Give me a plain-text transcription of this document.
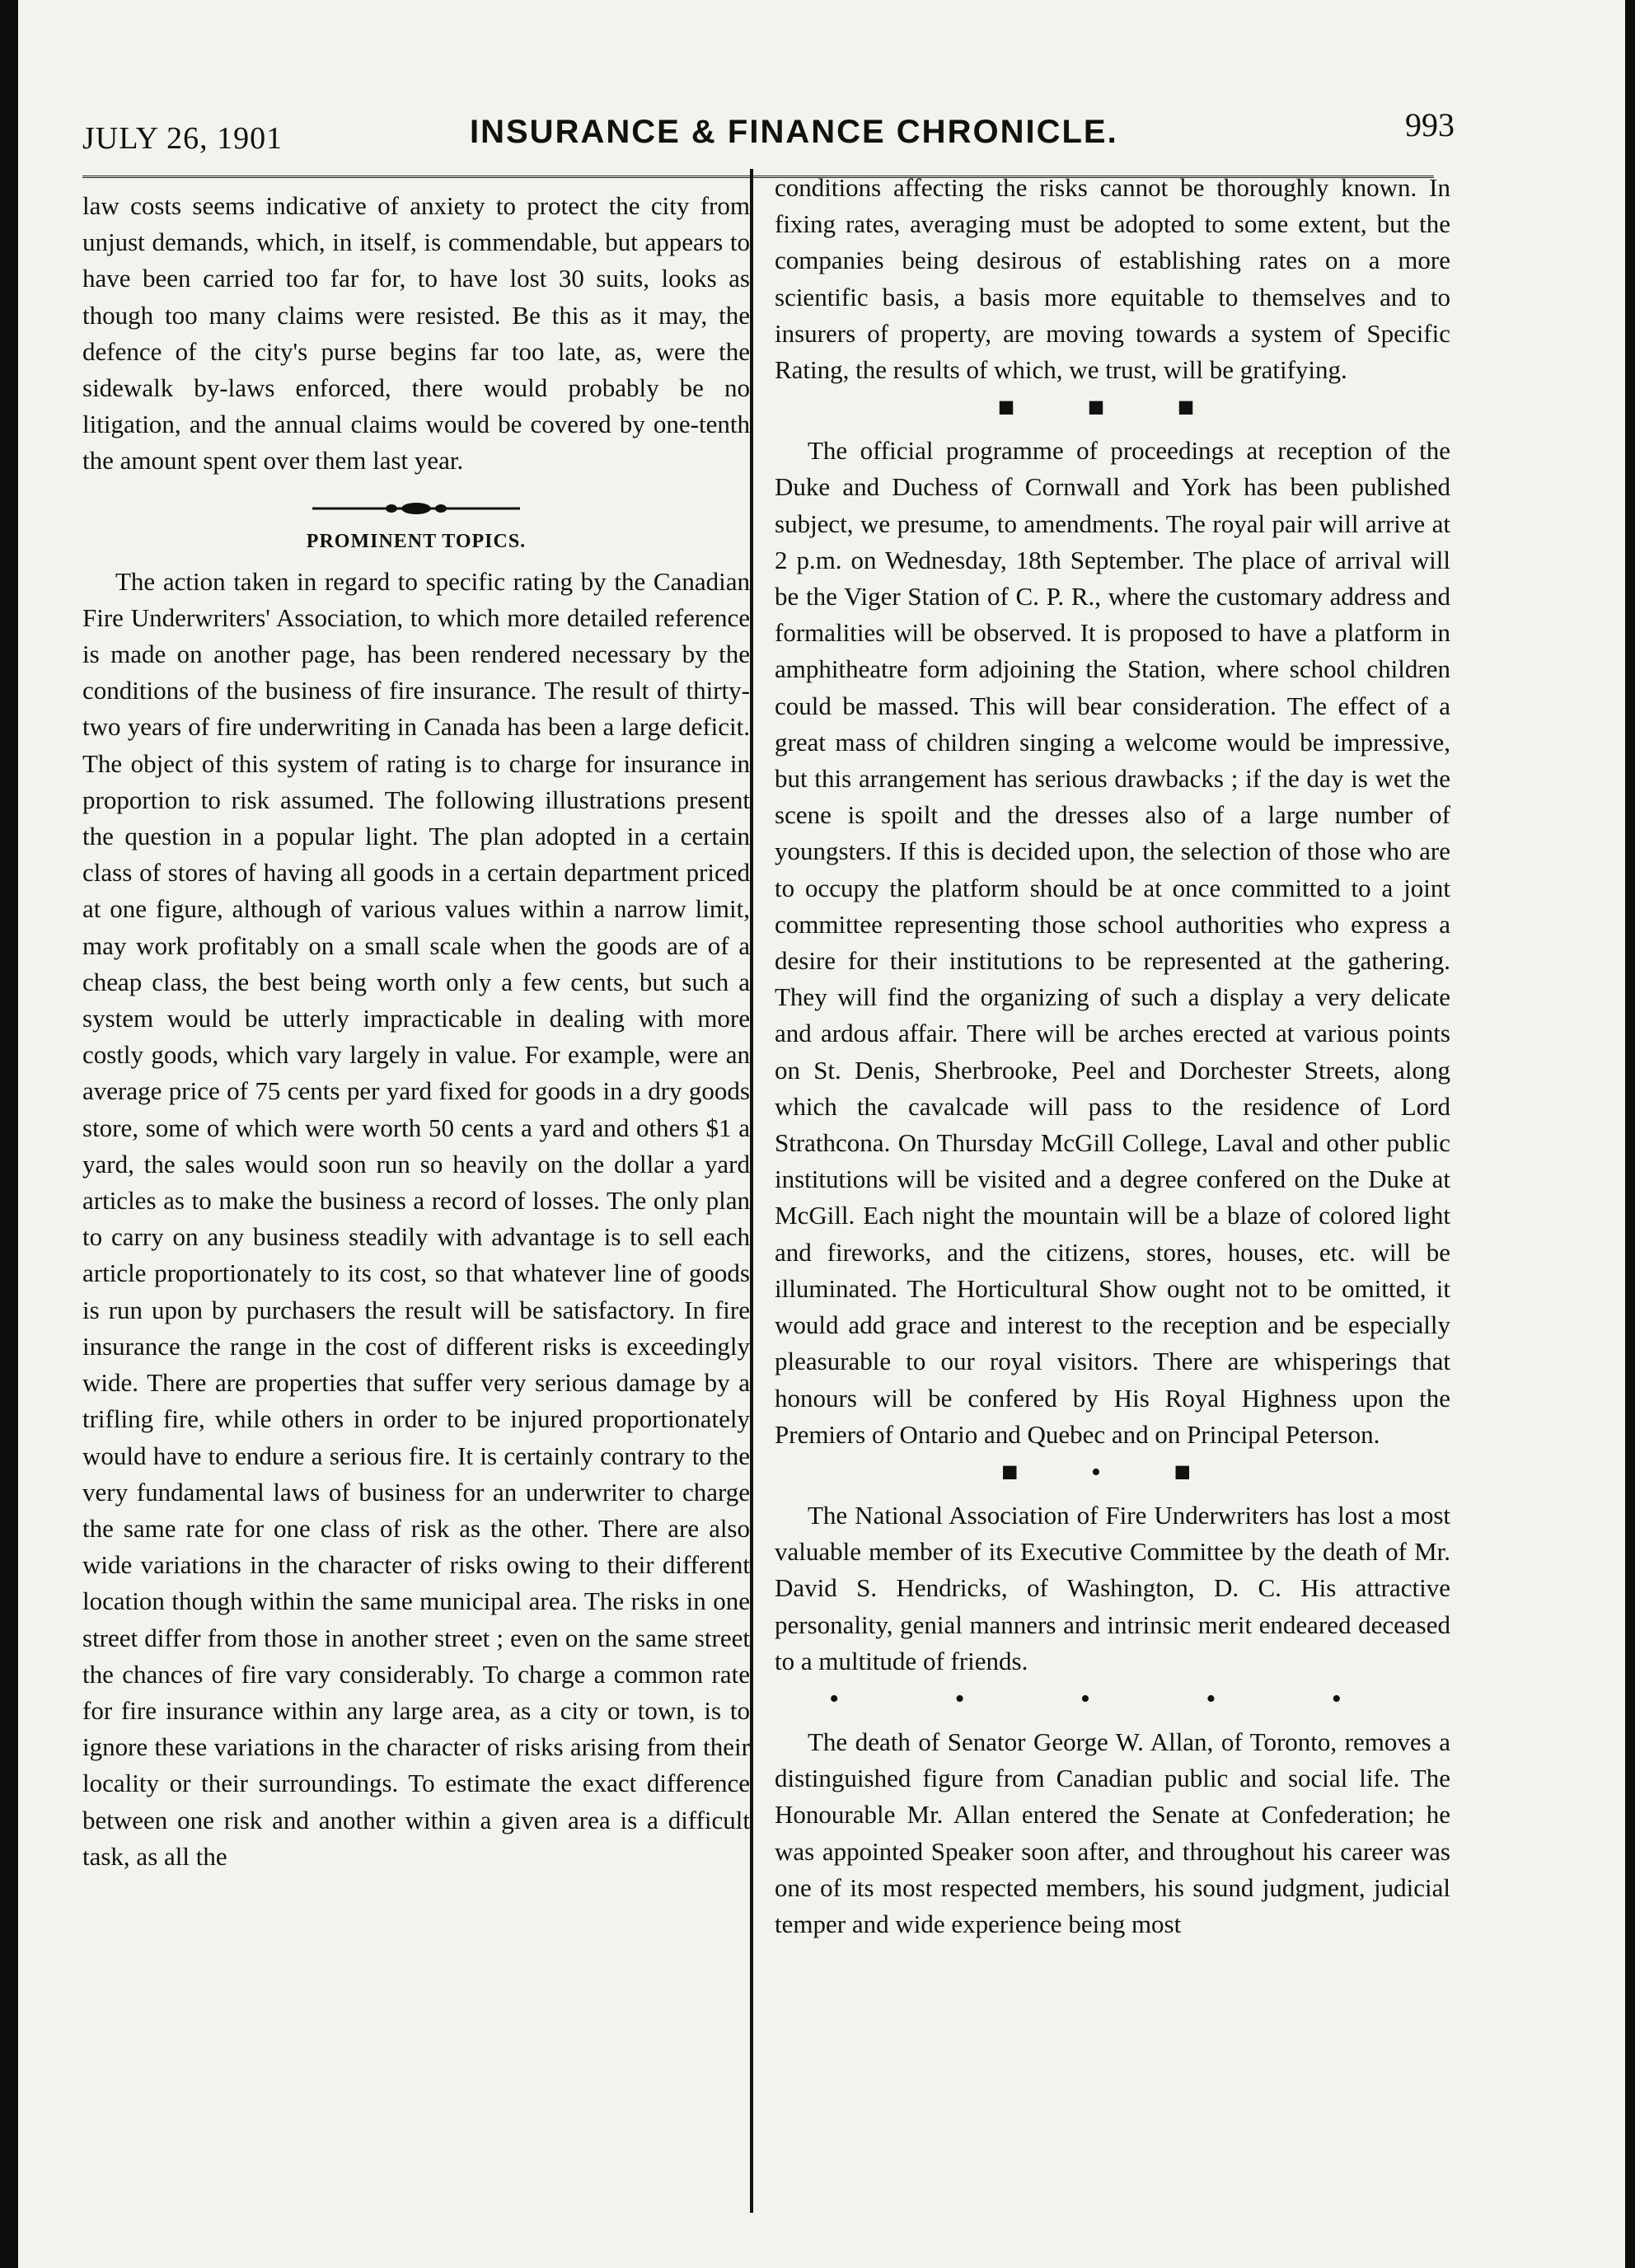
JULY 26, 1901	INSURANCE & FINANCE CHRONICLE.	993

law costs seems indicative of anxiety to protect the city from unjust demands, which, in itself, is commendable, but appears to have been carried too far for, to have lost 30 suits, looks as though too many claims were resisted. Be this as it may, the defence of the city's purse begins far too late, as, were the sidewalk by-laws enforced, there would probably be no litigation, and the annual claims would be covered by one-tenth the amount spent over them last year.

PROMINENT TOPICS.

The action taken in regard to specific rating by the Canadian Fire Underwriters' Association, to which more detailed reference is made on another page, has been rendered necessary by the conditions of the business of fire insurance. The result of thirty-two years of fire underwriting in Canada has been a large deficit. The object of this system of rating is to charge for insurance in proportion to risk assumed. The following illustrations present the question in a popular light. The plan adopted in a certain class of stores of having all goods in a certain department priced at one figure, although of various values within a narrow limit, may work profitably on a small scale when the goods are of a cheap class, the best being worth only a few cents, but such a system would be utterly impracticable in dealing with more costly goods, which vary largely in value. For example, were an average price of 75 cents per yard fixed for goods in a dry goods store, some of which were worth 50 cents a yard and others $1 a yard, the sales would soon run so heavily on the dollar a yard articles as to make the business a record of losses. The only plan to carry on any business steadily with advantage is to sell each article proportionately to its cost, so that whatever line of goods is run upon by purchasers the result will be satisfactory. In fire insurance the range in the cost of different risks is exceedingly wide. There are properties that suffer very serious damage by a trifling fire, while others in order to be injured proportionately would have to endure a serious fire. It is certainly contrary to the very fundamental laws of business for an underwriter to charge the same rate for one class of risk as the other. There are also wide variations in the character of risks owing to their different location though within the same municipal area. The risks in one street differ from those in another street ; even on the same street the chances of fire vary considerably. To charge a common rate for fire insurance within any large area, as a city or town, is to ignore these variations in the character of risks arising from their locality or their surroundings. To estimate the exact difference between one risk and another within a given area is a difficult task, as all the

conditions affecting the risks cannot be thoroughly known. In fixing rates, averaging must be adopted to some extent, but the companies being desirous of establishing rates on a more scientific basis, a basis more equitable to themselves and to insurers of property, are moving towards a system of Specific Rating, the results of which, we trust, will be gratifying.

■ ■ ■

The official programme of proceedings at reception of the Duke and Duchess of Cornwall and York has been published subject, we presume, to amendments. The royal pair will arrive at 2 p.m. on Wednesday, 18th September. The place of arrival will be the Viger Station of C. P. R., where the customary address and formalities will be observed. It is proposed to have a platform in amphitheatre form adjoining the Station, where school children could be massed. This will bear consideration. The effect of a great mass of children singing a welcome would be impressive, but this arrangement has serious drawbacks ; if the day is wet the scene is spoilt and the dresses also of a large number of youngsters. If this is decided upon, the selection of those who are to occupy the platform should be at once committed to a joint committee representing those school authorities who express a desire for their institutions to be represented at the gathering. They will find the organizing of such a display a very delicate and ardous affair. There will be arches erected at various points on St. Denis, Sherbrooke, Peel and Dorchester Streets, along which the cavalcade will pass to the residence of Lord Strathcona. On Thursday McGill College, Laval and other public institutions will be visited and a degree confered on the Duke at McGill. Each night the mountain will be a blaze of colored light and fireworks, and the citizens, stores, houses, etc. will be illuminated. The Horticultural Show ought not to be omitted, it would add grace and interest to the reception and be especially pleasurable to our royal visitors. There are whisperings that honours will be confered by His Royal Highness upon the Premiers of Ontario and Quebec and on Principal Peterson.

■ • ■

The National Association of Fire Underwriters has lost a most valuable member of its Executive Committee by the death of Mr. David S. Hendricks, of Washington, D. C. His attractive personality, genial manners and intrinsic merit endeared deceased to a multitude of friends.

• • • • •

The death of Senator George W. Allan, of Toronto, removes a distinguished figure from Canadian public and social life. The Honourable Mr. Allan entered the Senate at Confederation; he was appointed Speaker soon after, and throughout his career was one of its most respected members, his sound judgment, judicial temper and wide experience being most
